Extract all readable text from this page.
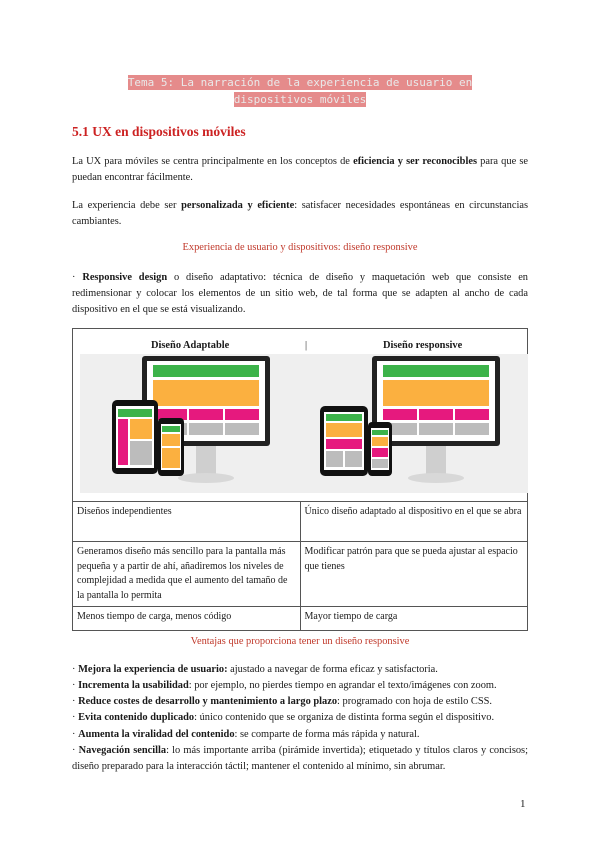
Tema 5: La narración de la experiencia de usuario en
dispositivos móviles
5.1 UX en dispositivos móviles
La UX para móviles se centra principalmente en los conceptos de eficiencia y ser reconocibles para que se puedan encontrar fácilmente.
La experiencia debe ser personalizada y eficiente: satisfacer necesidades espontáneas en circunstancias cambiantes.
Experiencia de usuario y dispositivos: diseño responsive
· Responsive design o diseño adaptativo: técnica de diseño y maquetación web que consiste en redimensionar y colocar los elementos de un sitio web, de tal forma que se adapten al ancho de cada dispositivo en el que se está visualizando.
Diseño Adaptable | Diseño responsive	

Diseños independientes	Único diseño adaptado al dispositivo en el que se abra
Generamos diseño más sencillo para la pantalla más pequeña y a partir de ahí, añadiremos los niveles de complejidad a medida que el aumento del tamaño de la pantalla lo permita	Modificar patrón para que se pueda ajustar al espacio que tienes
Menos tiempo de carga, menos código	Mayor tiempo de carga
Ventajas que proporciona tener un diseño responsive
· Mejora la experiencia de usuario: ajustado a navegar de forma eficaz y satisfactoria.
· Incrementa la usabilidad: por ejemplo, no pierdes tiempo en agrandar el texto/imágenes con zoom.
· Reduce costes de desarrollo y mantenimiento a largo plazo: programado con hoja de estilo CSS.
· Evita contenido duplicado: único contenido que se organiza de distinta forma según el dispositivo.
· Aumenta la viralidad del contenido: se comparte de forma más rápida y natural.
· Navegación sencilla: lo más importante arriba (pirámide invertida); etiquetado y títulos claros y concisos; diseño preparado para la interacción táctil; mantener el contenido al mínimo, sin abrumar.
1
